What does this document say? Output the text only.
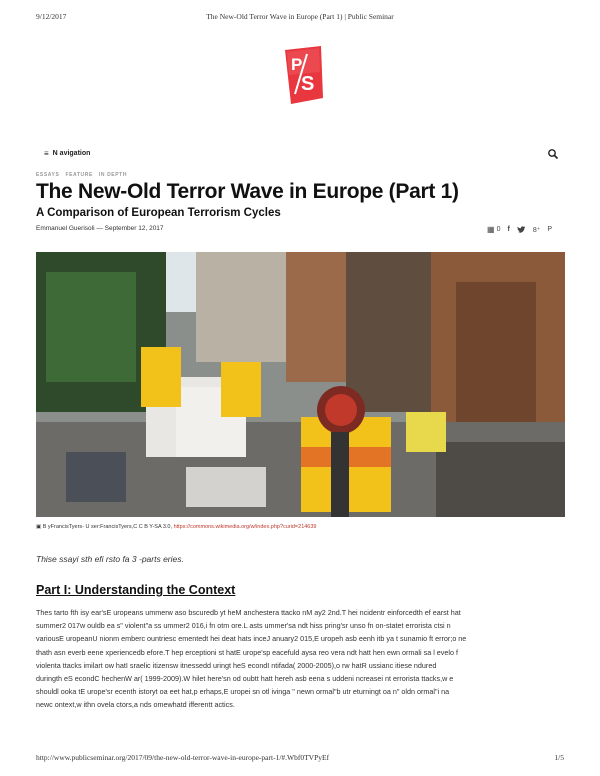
9/12/2017	The New-Old Terror Wave in Europe (Part 1) | Public Seminar
P
S
≡ N avigation
ESSAYS FEATURE IN DEPTH
The New-Old Terror Wave in Europe (Part 1)
A Comparison of European Terrorism Cycles
Emmanuel Guerisoli — September 12, 2017	▦ 0 f	8⁺ P
▣ B yFrancisTyers- U ser:FrancisTyers,C C B Y-SA 3.0, https://commons.wikimedia.org/w/index.php?curid=214639
Thise ssayi sth efi rsto fa 3 -parts eries.
Part I: Understanding the Context
Thes tarto fth isy ear'sE uropeans ummerw aso bscuredb yt heM anchestera ttacko nM ay2 2nd.T hei ncidentr einforcedth ef earst hat
summer2 017w ouldb ea s" violent"a ss ummer2 016,i fn otm ore.L asts ummer'sa ndt hiss pring'sr unso fn on-statet errorista ctsi n
variousE uropeanU nionm emberc ountriesc ementedt hei deat hats inceJ anuary2 015,E uropeh asb eenh itb ya t sunamio ft error;o ne
thath asn everb eene xperiencedb efore.T hep erceptioni st hatE urope'sp eacefuld aysa reo vera ndt hatt hen ewn ormali sa l evelo f
violenta ttacks imilart ow hatI sraelic itizensw itnessedd uringt heS econdI ntifada( 2000-2005),o rw hatR ussianc itiese ndured
duringth eS econdC hechenW ar( 1999-2009).W hilet here'sn od oubtt hatt hereh asb eena s uddeni ncreasei nt errorista ttacks,w e
shouldl ooka tE urope'sr ecenth istoryt oa eet hat,p erhaps,E uropei sn otl ivinga " newn ormal"b utr eturningt oa n" oldn ormal"i na
newc ontext,w ithn ovela ctors,a nds omewhatd ifferentt actics.
http://www.publicseminar.org/2017/09/the-new-old-terror-wave-in-europe-part-1/#.Wbf0TVPyEf	1/5
